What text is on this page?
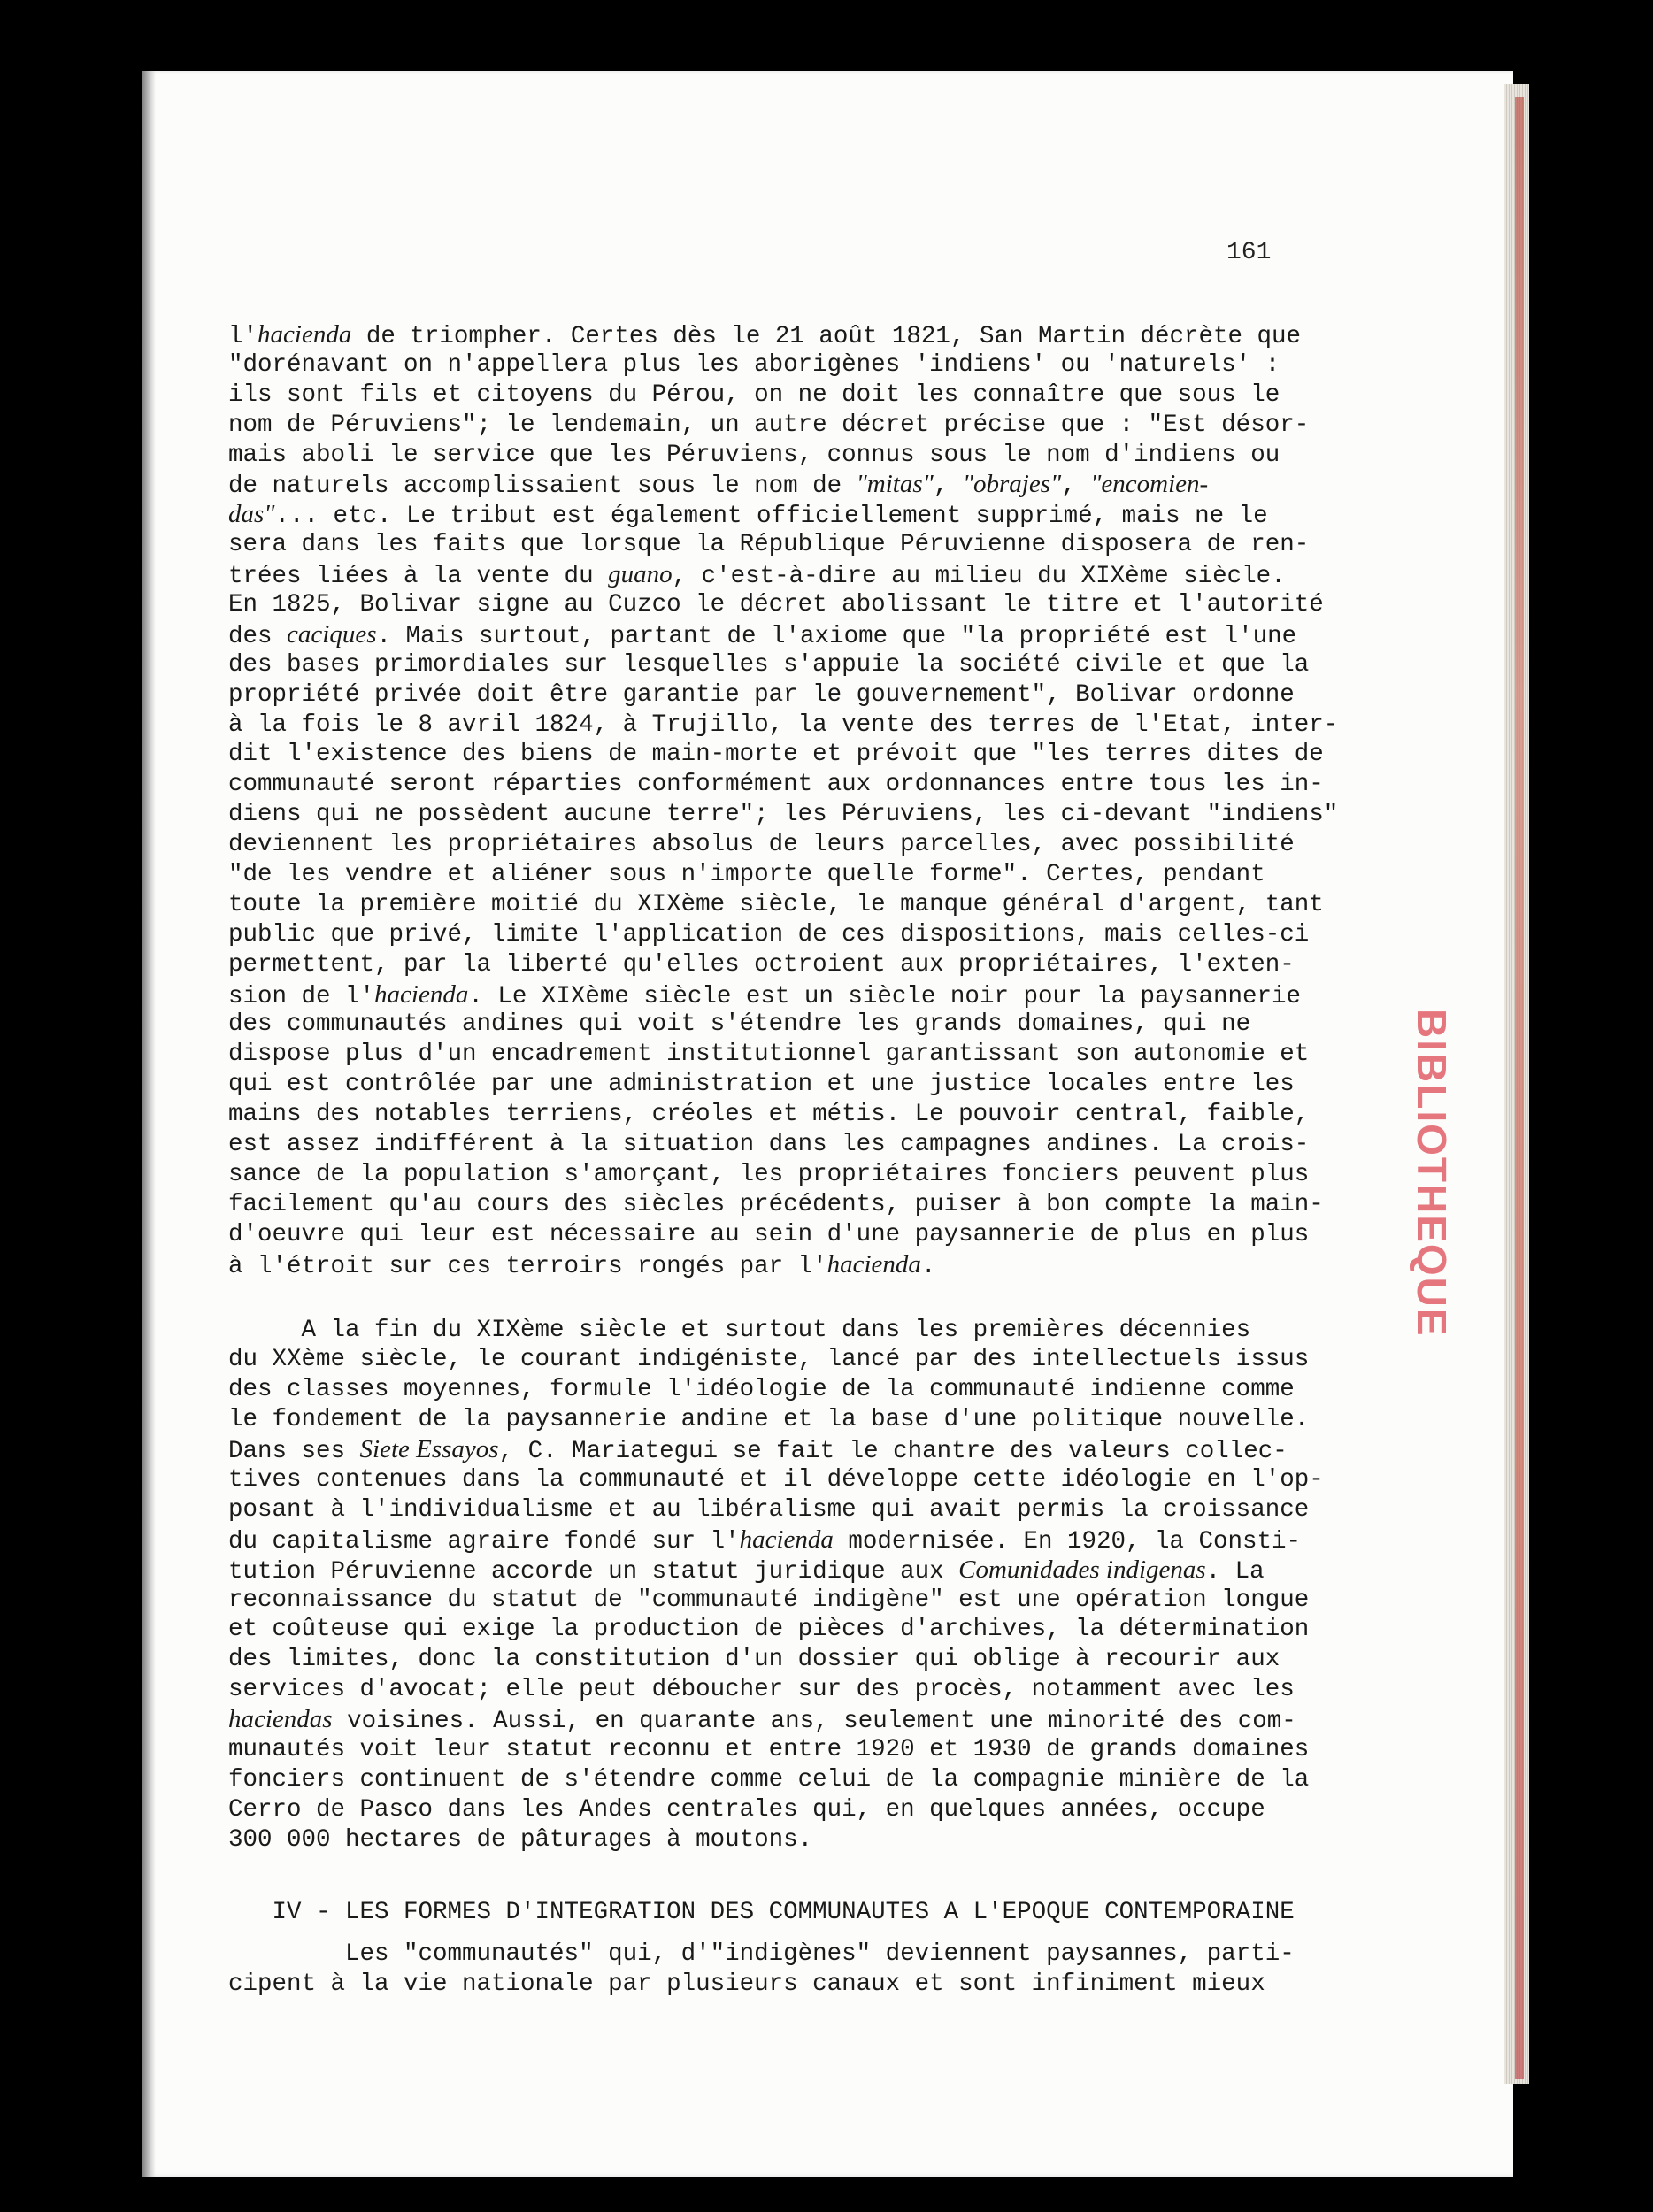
161
l'hacienda de triompher. Certes dès le 21 août 1821, San Martin décrète que
"dorénavant on n'appellera plus les aborigènes 'indiens' ou 'naturels' :
ils sont fils et citoyens du Pérou, on ne doit les connaître que sous le
nom de Péruviens"; le lendemain, un autre décret précise que : "Est désor-
mais aboli le service que les Péruviens, connus sous le nom d'indiens ou
de naturels accomplissaient sous le nom de "mitas", "obrajes", "encomien-
das"... etc. Le tribut est également officiellement supprimé, mais ne le
sera dans les faits que lorsque la République Péruvienne disposera de ren-
trées liées à la vente du guano, c'est-à-dire au milieu du XIXème siècle.
En 1825, Bolivar signe au Cuzco le décret abolissant le titre et l'autorité
des caciques. Mais surtout, partant de l'axiome que "la propriété est l'une
des bases primordiales sur lesquelles s'appuie la société civile et que la
propriété privée doit être garantie par le gouvernement", Bolivar ordonne
à la fois le 8 avril 1824, à Trujillo, la vente des terres de l'Etat, inter-
dit l'existence des biens de main-morte et prévoit que "les terres dites de
communauté seront réparties conformément aux ordonnances entre tous les in-
diens qui ne possèdent aucune terre"; les Péruviens, les ci-devant "indiens"
deviennent les propriétaires absolus de leurs parcelles, avec possibilité
"de les vendre et aliéner sous n'importe quelle forme". Certes, pendant
toute la première moitié du XIXème siècle, le manque général d'argent, tant
public que privé, limite l'application de ces dispositions, mais celles-ci
permettent, par la liberté qu'elles octroient aux propriétaires, l'exten-
sion de l'hacienda. Le XIXème siècle est un siècle noir pour la paysannerie
des communautés andines qui voit s'étendre les grands domaines, qui ne
dispose plus d'un encadrement institutionnel garantissant son autonomie et
qui est contrôlée par une administration et une justice locales entre les
mains des notables terriens, créoles et métis. Le pouvoir central, faible,
est assez indifférent à la situation dans les campagnes andines. La crois-
sance de la population s'amorçant, les propriétaires fonciers peuvent plus
facilement qu'au cours des siècles précédents, puiser à bon compte la main-
d'oeuvre qui leur est nécessaire au sein d'une paysannerie de plus en plus
à l'étroit sur ces terroirs rongés par l'hacienda.
A la fin du XIXème siècle et surtout dans les premières décennies
du XXème siècle, le courant indigéniste, lancé par des intellectuels issus
des classes moyennes, formule l'idéologie de la communauté indienne comme
le fondement de la paysannerie andine et la base d'une politique nouvelle.
Dans ses Siete Essayos, C. Mariategui se fait le chantre des valeurs collec-
tives contenues dans la communauté et il développe cette idéologie en l'op-
posant à l'individualisme et au libéralisme qui avait permis la croissance
du capitalisme agraire fondé sur l'hacienda modernisée. En 1920, la Consti-
tution Péruvienne accorde un statut juridique aux Comunidades indigenas. La
reconnaissance du statut de "communauté indigène" est une opération longue
et coûteuse qui exige la production de pièces d'archives, la détermination
des limites, donc la constitution d'un dossier qui oblige à recourir aux
services d'avocat; elle peut déboucher sur des procès, notamment avec les
haciendas voisines. Aussi, en quarante ans, seulement une minorité des com-
munautés voit leur statut reconnu et entre 1920 et 1930 de grands domaines
fonciers continuent de s'étendre comme celui de la compagnie minière de la
Cerro de Pasco dans les Andes centrales qui, en quelques années, occupe
300 000 hectares de pâturages à moutons.
IV - LES FORMES D'INTEGRATION DES COMMUNAUTES A L'EPOQUE CONTEMPORAINE
Les "communautés" qui, d'"indigènes" deviennent paysannes, parti-
cipent à la vie nationale par plusieurs canaux et sont infiniment mieux
BIBLIOTHEQUE
